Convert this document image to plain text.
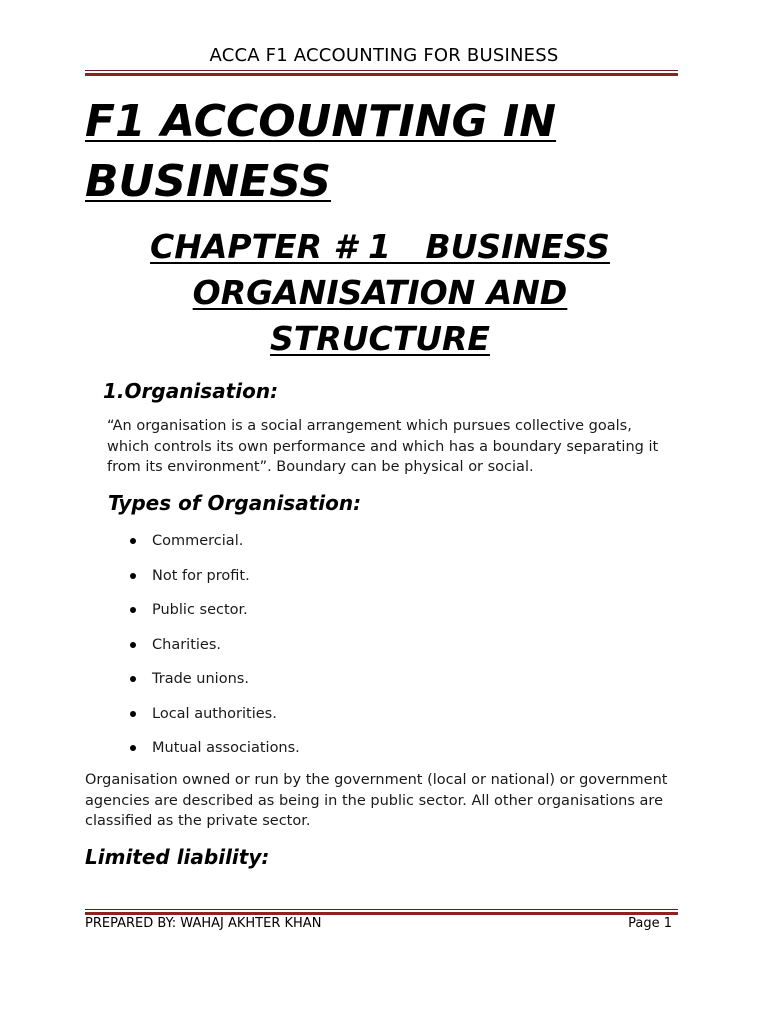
ACCA F1 ACCOUNTING FOR BUSINESS
F1 ACCOUNTING IN BUSINESS
CHAPTER # 1   BUSINESS
ORGANISATION AND
STRUCTURE
1.Organisation:

“An organisation is a social arrangement which pursues collective goals, which controls its own performance and which has a boundary separating it from its environment”. Boundary can be physical or social.

Types of Organisation:
Commercial.
Not for profit.
Public sector.
Charities.
Trade unions.
Local authorities.
Mutual associations.

Organisation owned or run by the government (local or national) or government agencies are described as being in the public sector. All other organisations are classified as the private sector.

Limited liability:
PREPARED BY: WAHAJ AKHTER KHAN	Page 1
